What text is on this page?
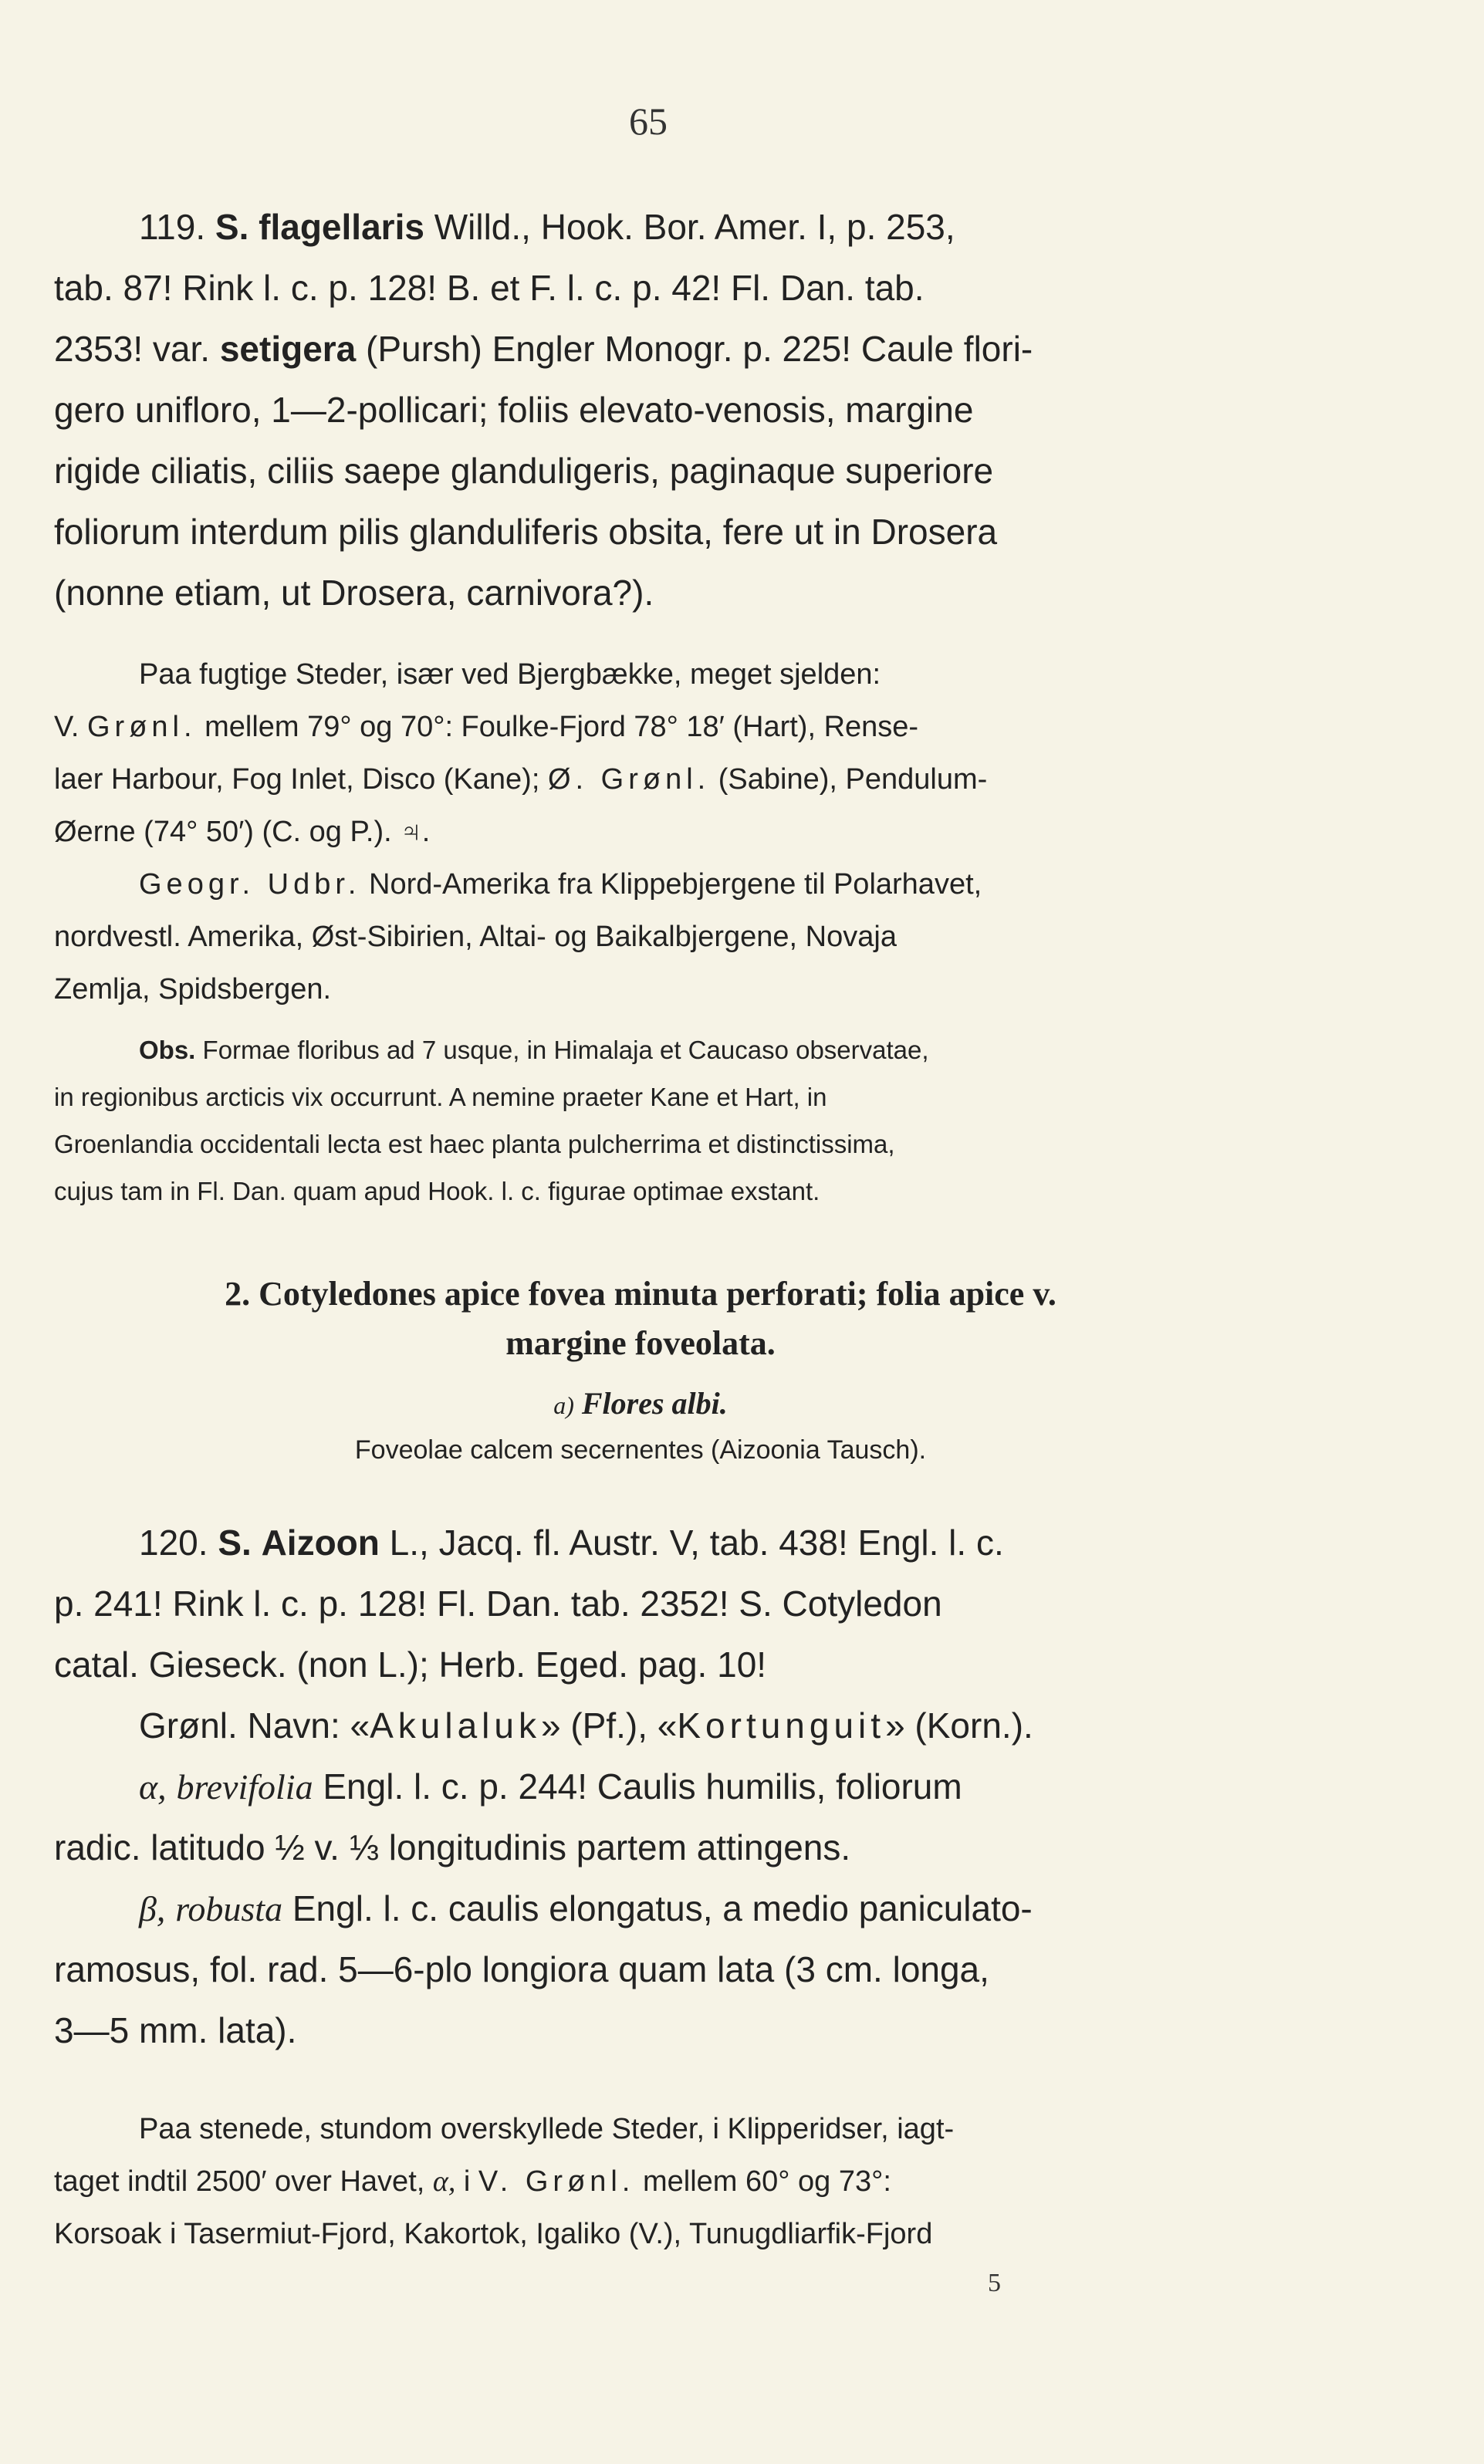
65

119. S. flagellaris Willd., Hook. Bor. Amer. I, p. 253,

tab. 87! Rink l. c. p. 128! B. et F. l. c. p. 42! Fl. Dan. tab.

2353! var. setigera (Pursh) Engler Monogr. p. 225! Caule flori-

gero unifloro, 1—2-pollicari; foliis elevato-venosis, margine

rigide ciliatis, ciliis saepe glanduligeris, paginaque superiore

foliorum interdum pilis glanduliferis obsita, fere ut in Drosera

(nonne etiam, ut Drosera, carnivora?).

Paa fugtige Steder, især ved Bjergbække, meget sjelden:

V. Grønl. mellem 79° og 70°: Foulke-Fjord 78° 18′ (Hart), Rense-

laer Harbour, Fog Inlet, Disco (Kane); Ø. Grønl. (Sabine), Pendulum-

Øerne (74° 50′) (C. og P.). ♃.

Geogr. Udbr. Nord-Amerika fra Klippebjergene til Polarhavet,

nordvestl. Amerika, Øst-Sibirien, Altai- og Baikalbjergene, Novaja

Zemlja, Spidsbergen.

Obs. Formae floribus ad 7 usque, in Himalaja et Caucaso observatae,

in regionibus arcticis vix occurrunt. A nemine praeter Kane et Hart, in

Groenlandia occidentali lecta est haec planta pulcherrima et distinctissima,

cujus tam in Fl. Dan. quam apud Hook. l. c. figurae optimae exstant.

2. Cotyledones apice fovea minuta perforati; folia apice v.

margine foveolata.

a) Flores albi.

Foveolae calcem secernentes (Aizoonia Tausch).

120. S. Aizoon L., Jacq. fl. Austr. V, tab. 438! Engl. l. c.

p. 241! Rink l. c. p. 128! Fl. Dan. tab. 2352! S. Cotyledon

catal. Gieseck. (non L.); Herb. Eged. pag. 10!

Grønl. Navn: «Akulaluk» (Pf.), «Kortunguit» (Korn.).

α, brevifolia Engl. l. c. p. 244! Caulis humilis, foliorum

radic. latitudo ½ v. ⅓ longitudinis partem attingens.

β, robusta Engl. l. c. caulis elongatus, a medio paniculato-

ramosus, fol. rad. 5—6-plo longiora quam lata (3 cm. longa,

3—5 mm. lata).

Paa stenede, stundom overskyllede Steder, i Klipperidser, iagt-

taget indtil 2500′ over Havet, α, i V. Grønl. mellem 60° og 73°:

Korsoak i Tasermiut-Fjord, Kakortok, Igaliko (V.), Tunugdliarfik-Fjord

5
